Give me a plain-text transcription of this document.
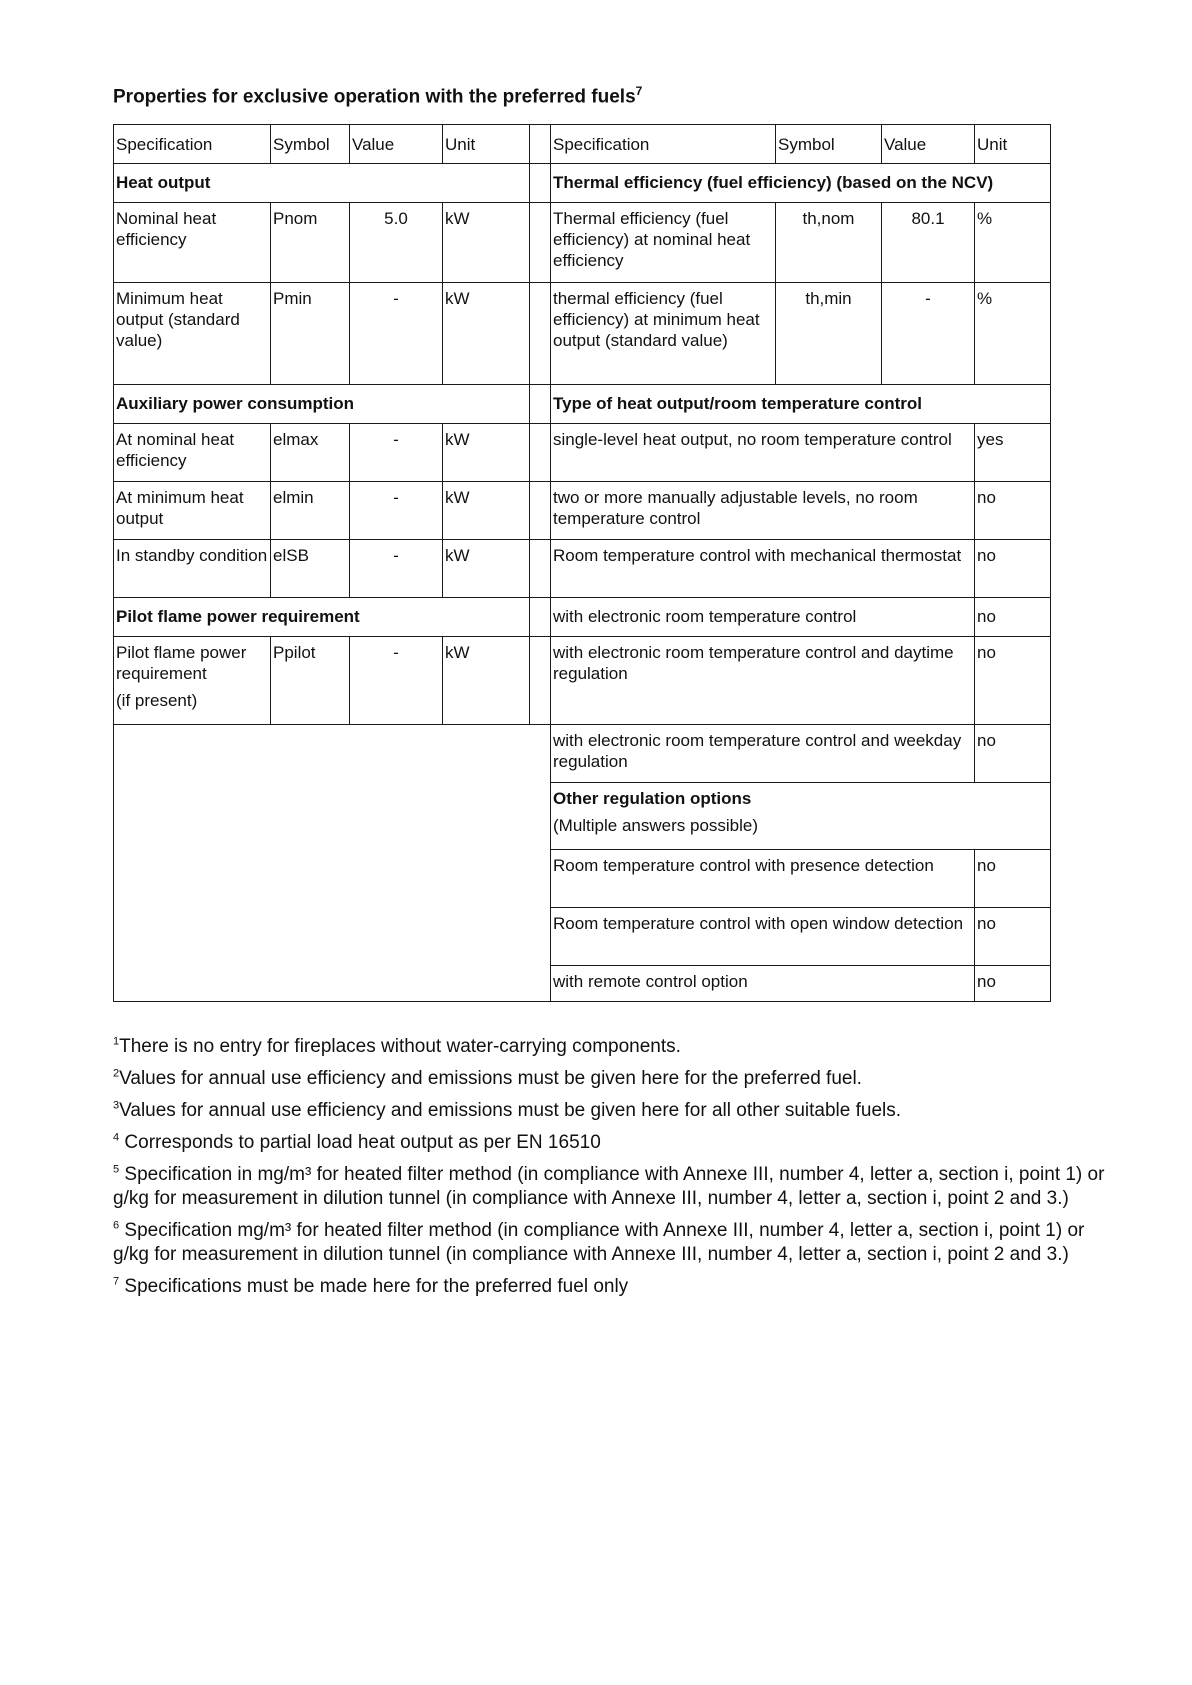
Properties for exclusive operation with the preferred fuels$^7$
Specification	Symbol	Value	Unit		Specification	Symbol	Value	Unit
Heat output					Thermal efficiency (fuel efficiency) (based on the NCV)			
Nominal heat efficiency	Pnom	5.0	kW		Thermal efficiency (fuel efficiency) at nominal heat efficiency	th,nom	80.1	%
Minimum heat output (standard value)	Pmin	-	kW		thermal efficiency (fuel efficiency) at minimum heat output (standard value)	th,min	-	%
Auxiliary power consumption					Type of heat output/room temperature control			
At nominal heat efficiency	elmax	-	kW		single-level heat output, no room temperature control			yes
At minimum heat output	elmin	-	kW		two or more manually adjustable levels, no room temperature control			no
In standby condition	elSB	-	kW		Room temperature control with mechanical thermostat			no
Pilot flame power requirement					with electronic room temperature control			no
Pilot flame power requirement
(if present)	Ppilot	-	kW		with electronic room temperature control and daytime regulation			no
					with electronic room temperature control and weekday regulation			no
					Other regulation options
(Multiple answers possible)			

					Room temperature control with presence detection			no
					Room temperature control with open window detection			no
					with remote control option			no
$^1$There is no entry for fireplaces without water-carrying components.
$^2$Values for annual use efficiency and emissions must be given here for the preferred fuel.
$^3$Values for annual use efficiency and emissions must be given here for all other suitable fuels.
$^4$ Corresponds to partial load heat output as per EN 16510
$^5$ Specification in mg/m³ for heated filter method (in compliance with Annexe III, number 4, letter a, section i, point 1) or g/kg for measurement in dilution tunnel (in compliance with Annexe III, number 4, letter a, section i, point 2 and 3.)
$^6$ Specification mg/m³ for heated filter method (in compliance with Annexe III, number 4, letter a, section i, point 1) or g/kg for measurement in dilution tunnel (in compliance with Annexe III, number 4, letter a, section i, point 2 and 3.)
$^7$ Specifications must be made here for the preferred fuel only
